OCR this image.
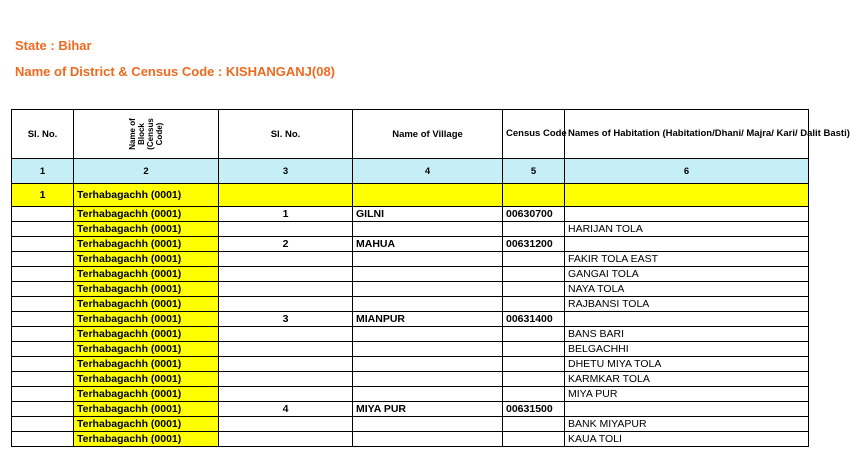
State : Bihar
Name of District & Census Code : KISHANGANJ(08)
Sl. No.	Name of Block (Census Code)	Sl. No.	Name of Village	Census Code	Names of Habitation (Habitation/Dhani/ Majra/ Kari/ Dalit Basti)
1	2	3	4	5	6
1	Terhabagachh (0001)				
	Terhabagachh (0001)	1	GILNI	00630700	
	Terhabagachh (0001)				HARIJAN TOLA
	Terhabagachh (0001)	2	MAHUA	00631200	
	Terhabagachh (0001)				FAKIR TOLA EAST
	Terhabagachh (0001)				GANGAI TOLA
	Terhabagachh (0001)				NAYA TOLA
	Terhabagachh (0001)				RAJBANSI TOLA
	Terhabagachh (0001)	3	MIANPUR	00631400	
	Terhabagachh (0001)				BANS BARI
	Terhabagachh (0001)				BELGACHHI
	Terhabagachh (0001)				DHETU MIYA TOLA
	Terhabagachh (0001)				KARMKAR TOLA
	Terhabagachh (0001)				MIYA PUR
	Terhabagachh (0001)	4	MIYA PUR	00631500	
	Terhabagachh (0001)				BANK MIYAPUR
	Terhabagachh (0001)				KAUA TOLI
